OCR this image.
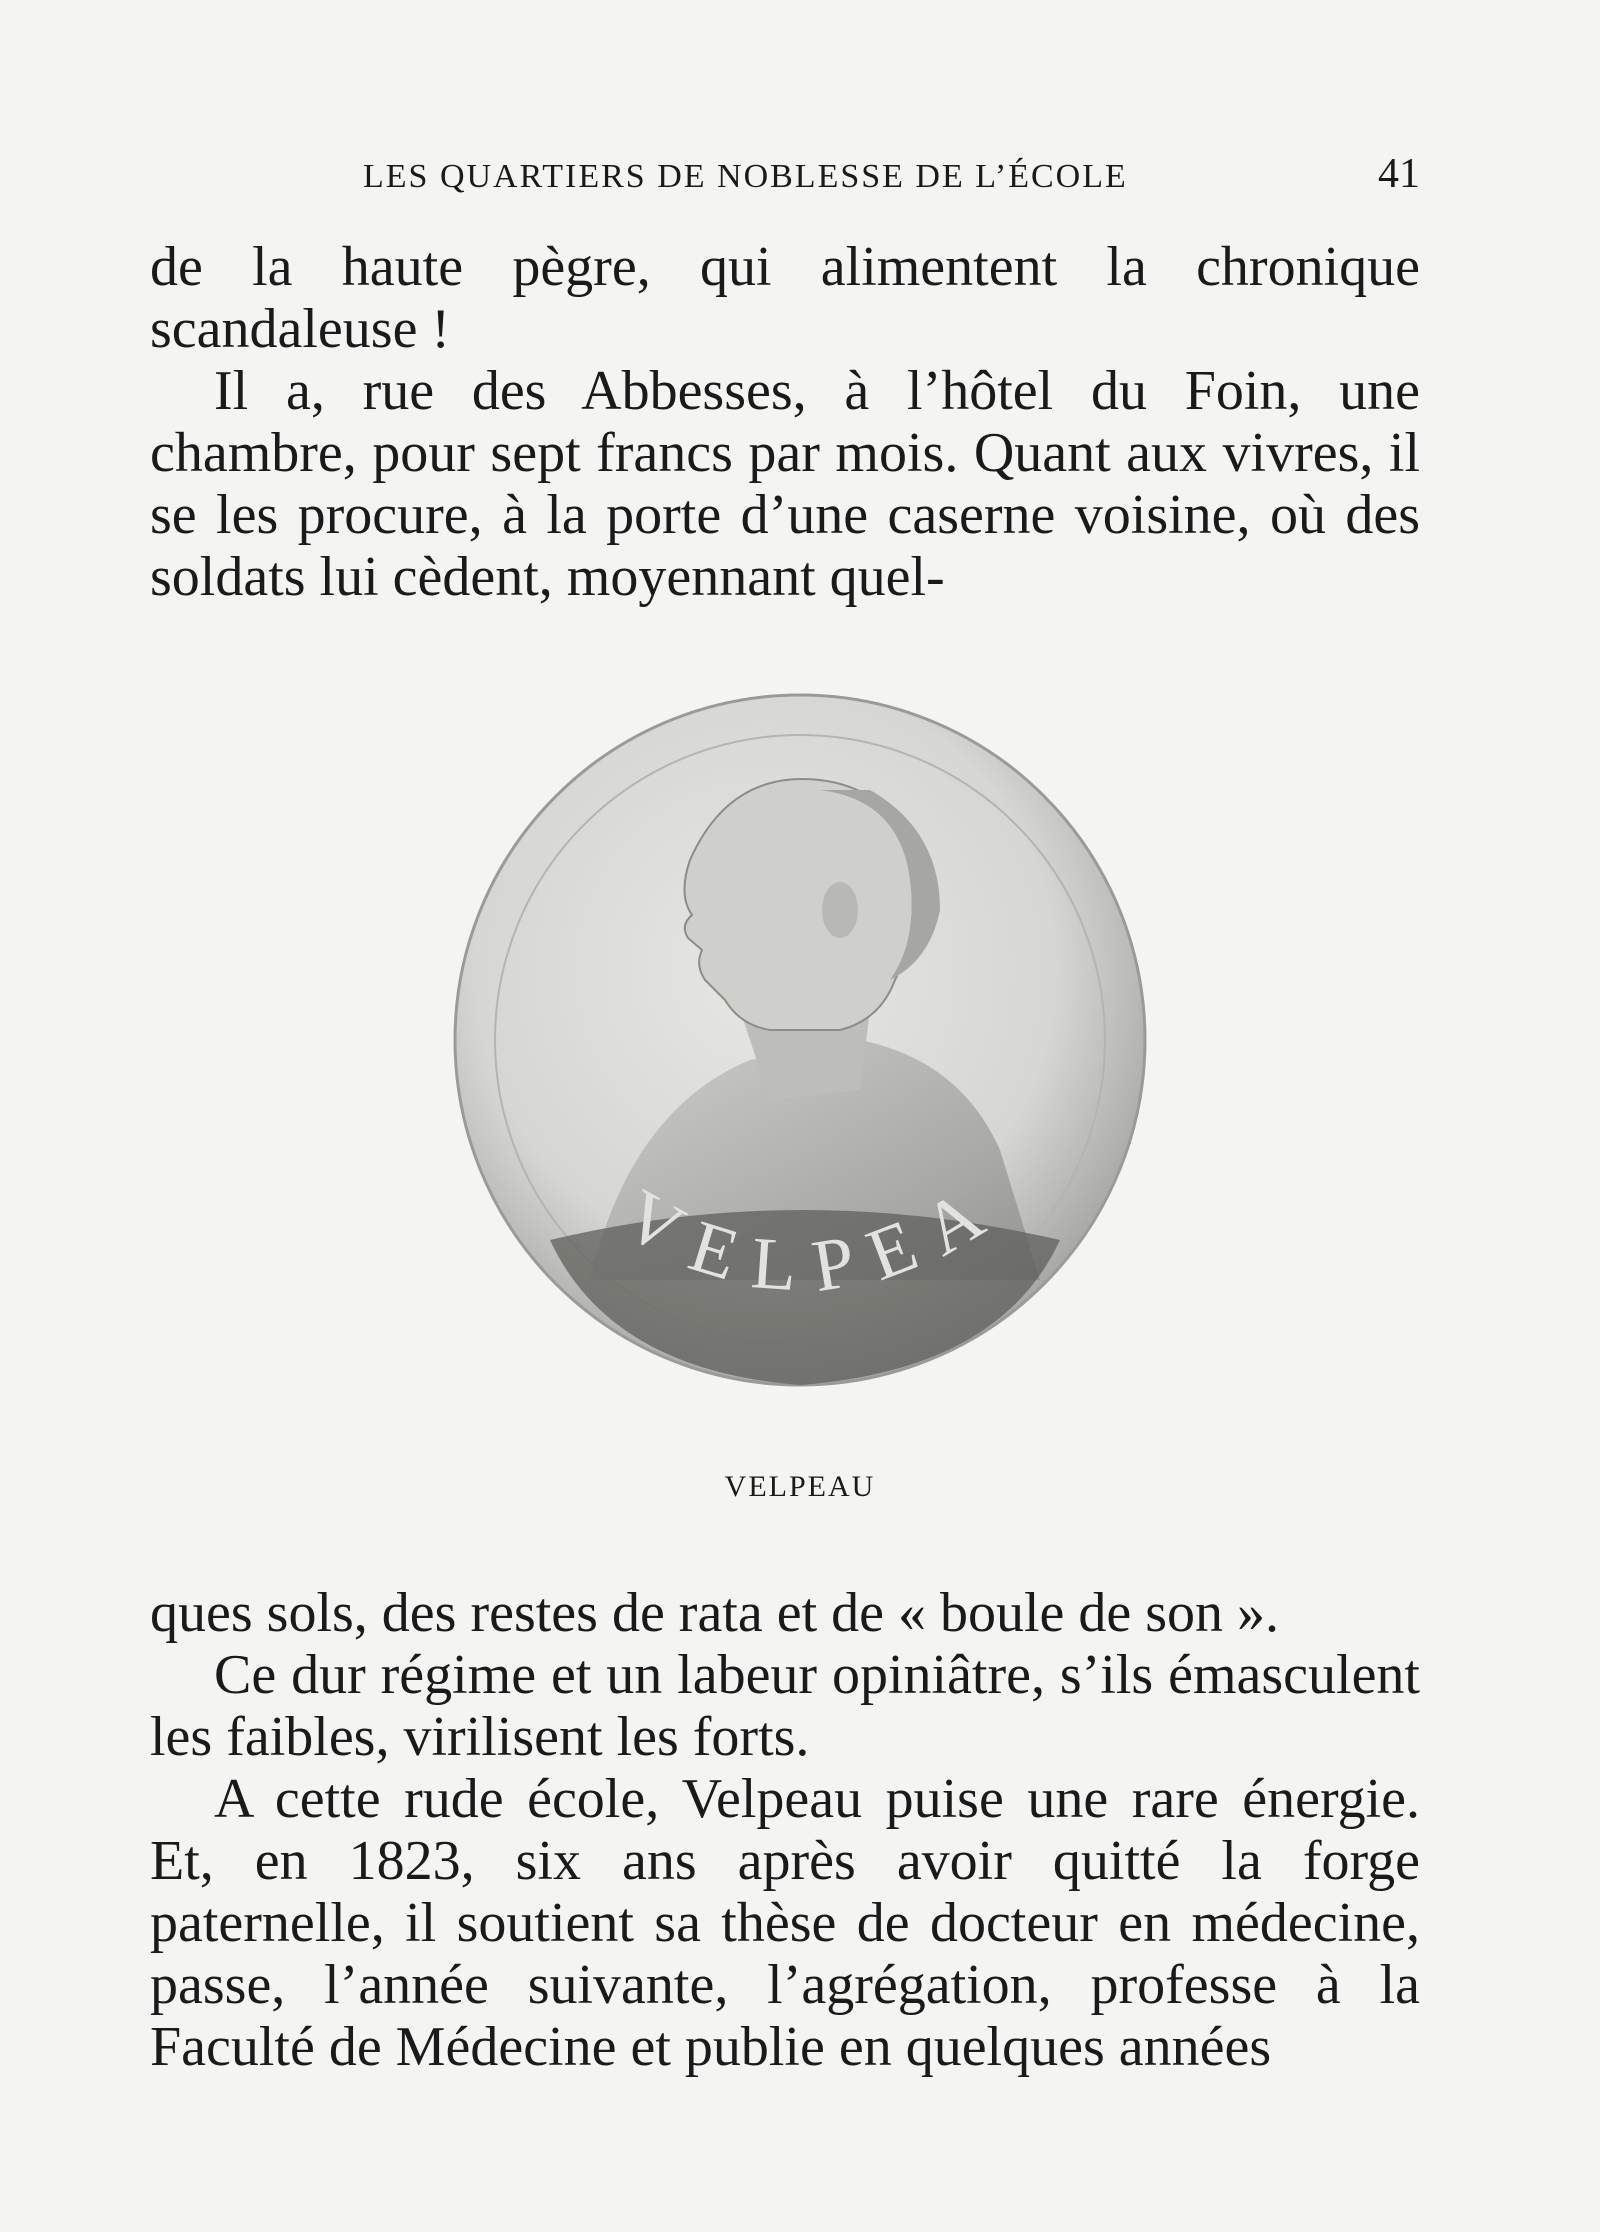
LES QUARTIERS DE NOBLESSE DE L’ÉCOLE	41

de la haute pègre, qui alimentent la chronique scandaleuse !

Il a, rue des Abbesses, à l’hôtel du Foin, une chambre, pour sept francs par mois. Quant aux vivres, il se les procure, à la porte d’une caserne voisine, où des soldats lui cèdent, moyennant quel-

VELPEA
VELPEAU

ques sols, des restes de rata et de « boule de son ».

Ce dur régime et un labeur opiniâtre, s’ils émasculent les faibles, virilisent les forts.

A cette rude école, Velpeau puise une rare énergie. Et, en 1823, six ans après avoir quitté la forge paternelle, il soutient sa thèse de docteur en médecine, passe, l’année suivante, l’agrégation, professe à la Faculté de Médecine et publie en quelques années
